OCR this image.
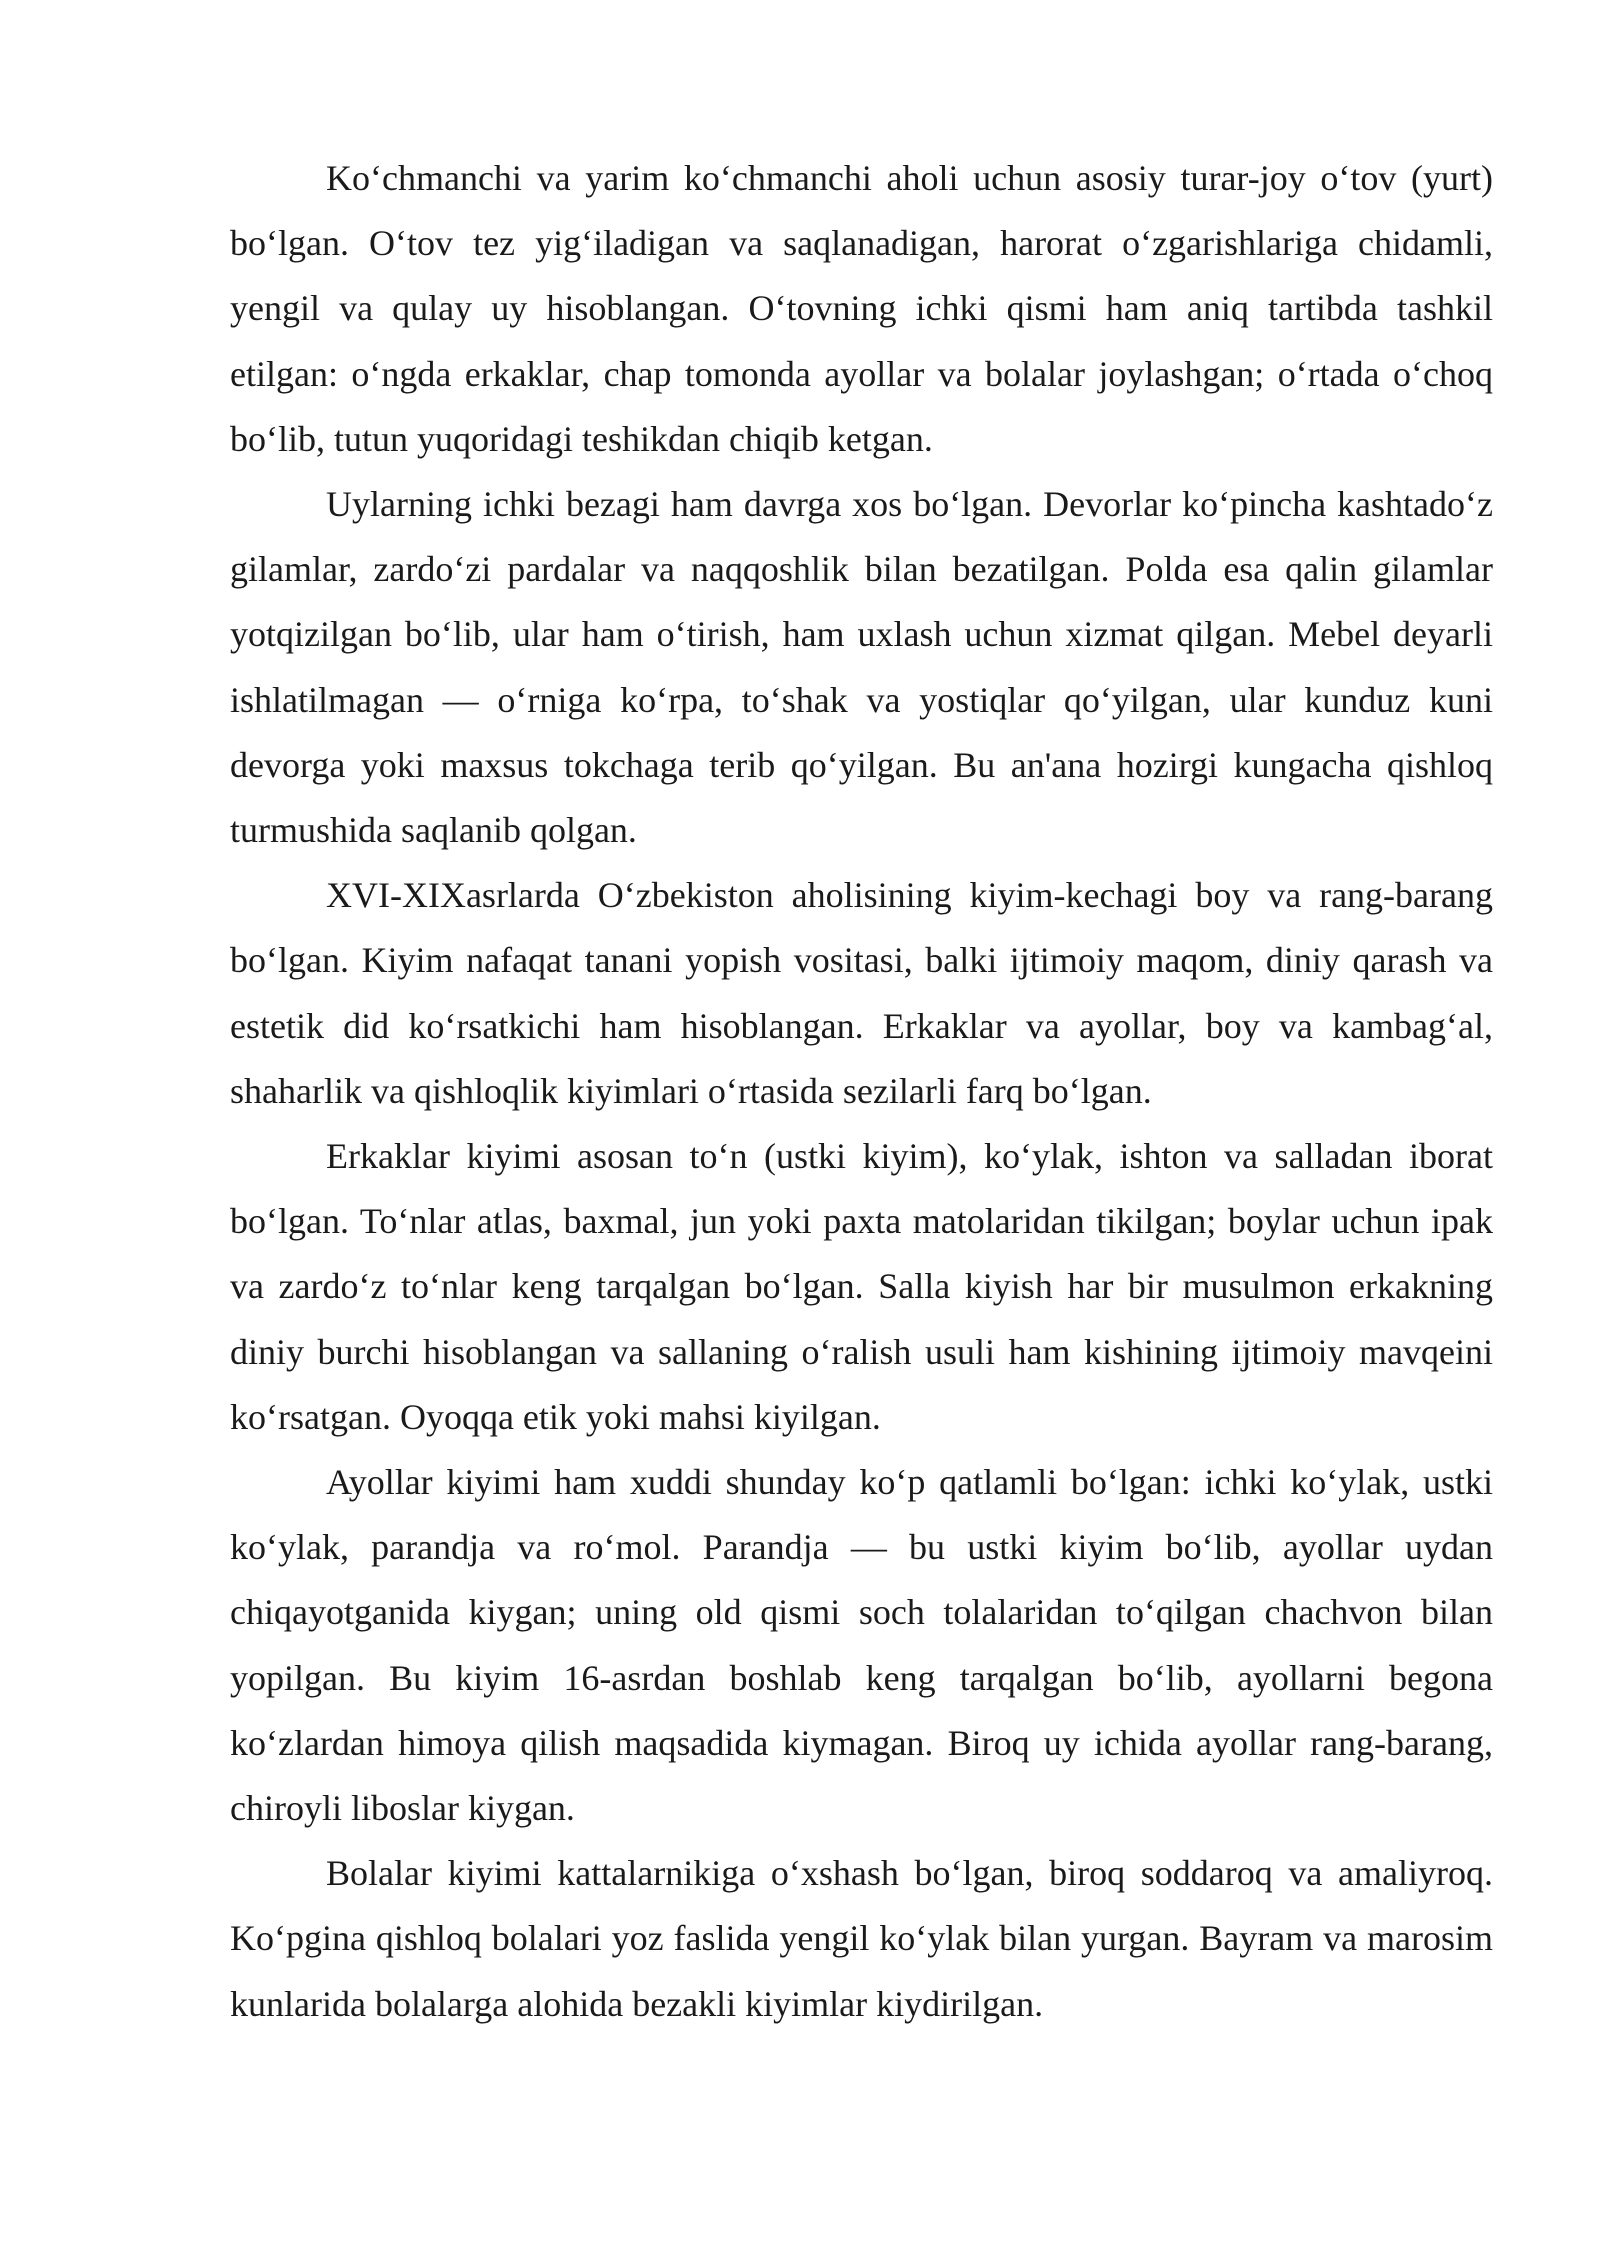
Ko‘chmanchi va yarim ko‘chmanchi aholi uchun asosiy turar-joy o‘tov (yurt) bo‘lgan. O‘tov tez yig‘iladigan va saqlanadigan, harorat o‘zgarishlariga chidamli, yengil va qulay uy hisoblangan. O‘tovning ichki qismi ham aniq tartibda tashkil etilgan: o‘ngda erkaklar, chap tomonda ayollar va bolalar joylashgan; o‘rtada o‘choq bo‘lib, tutun yuqoridagi teshikdan chiqib ketgan.

Uylarning ichki bezagi ham davrga xos bo‘lgan. Devorlar ko‘pincha kashtado‘z gilamlar, zardo‘zi pardalar va naqqoshlik bilan bezatilgan. Polda esa qalin gilamlar yotqizilgan bo‘lib, ular ham o‘tirish, ham uxlash uchun xizmat qilgan. Mebel deyarli ishlatilmagan — o‘rniga ko‘rpa, to‘shak va yostiqlar qo‘yilgan, ular kunduz kuni devorga yoki maxsus tokchaga terib qo‘yilgan. Bu an'ana hozirgi kungacha qishloq turmushida saqlanib qolgan.

XVI-XIXasrlarda O‘zbekiston aholisining kiyim-kechagi boy va rang-barang bo‘lgan. Kiyim nafaqat tanani yopish vositasi, balki ijtimoiy maqom, diniy qarash va estetik did ko‘rsatkichi ham hisoblangan. Erkaklar va ayollar, boy va kambag‘al, shaharlik va qishloqlik kiyimlari o‘rtasida sezilarli farq bo‘lgan.

Erkaklar kiyimi asosan to‘n (ustki kiyim), ko‘ylak, ishton va salladan iborat bo‘lgan. To‘nlar atlas, baxmal, jun yoki paxta matolaridan tikilgan; boylar uchun ipak va zardo‘z to‘nlar keng tarqalgan bo‘lgan. Salla kiyish har bir musulmon erkakning diniy burchi hisoblangan va sallaning o‘ralish usuli ham kishining ijtimoiy mavqeini ko‘rsatgan. Oyoqqa etik yoki mahsi kiyilgan.

Ayollar kiyimi ham xuddi shunday ko‘p qatlamli bo‘lgan: ichki ko‘ylak, ustki ko‘ylak, parandja va ro‘mol. Parandja — bu ustki kiyim bo‘lib, ayollar uydan chiqayotganida kiygan; uning old qismi soch tolalaridan to‘qilgan chachvon bilan yopilgan. Bu kiyim 16-asrdan boshlab keng tarqalgan bo‘lib, ayollarni begona ko‘zlardan himoya qilish maqsadida kiymagan. Biroq uy ichida ayollar rang-barang, chiroyli liboslar kiygan.

Bolalar kiyimi kattalarnikiga o‘xshash bo‘lgan, biroq soddaroq va amaliyroq. Ko‘pgina qishloq bolalari yoz faslida yengil ko‘ylak bilan yurgan. Bayram va marosim kunlarida bolalarga alohida bezakli kiyimlar kiydirilgan.
